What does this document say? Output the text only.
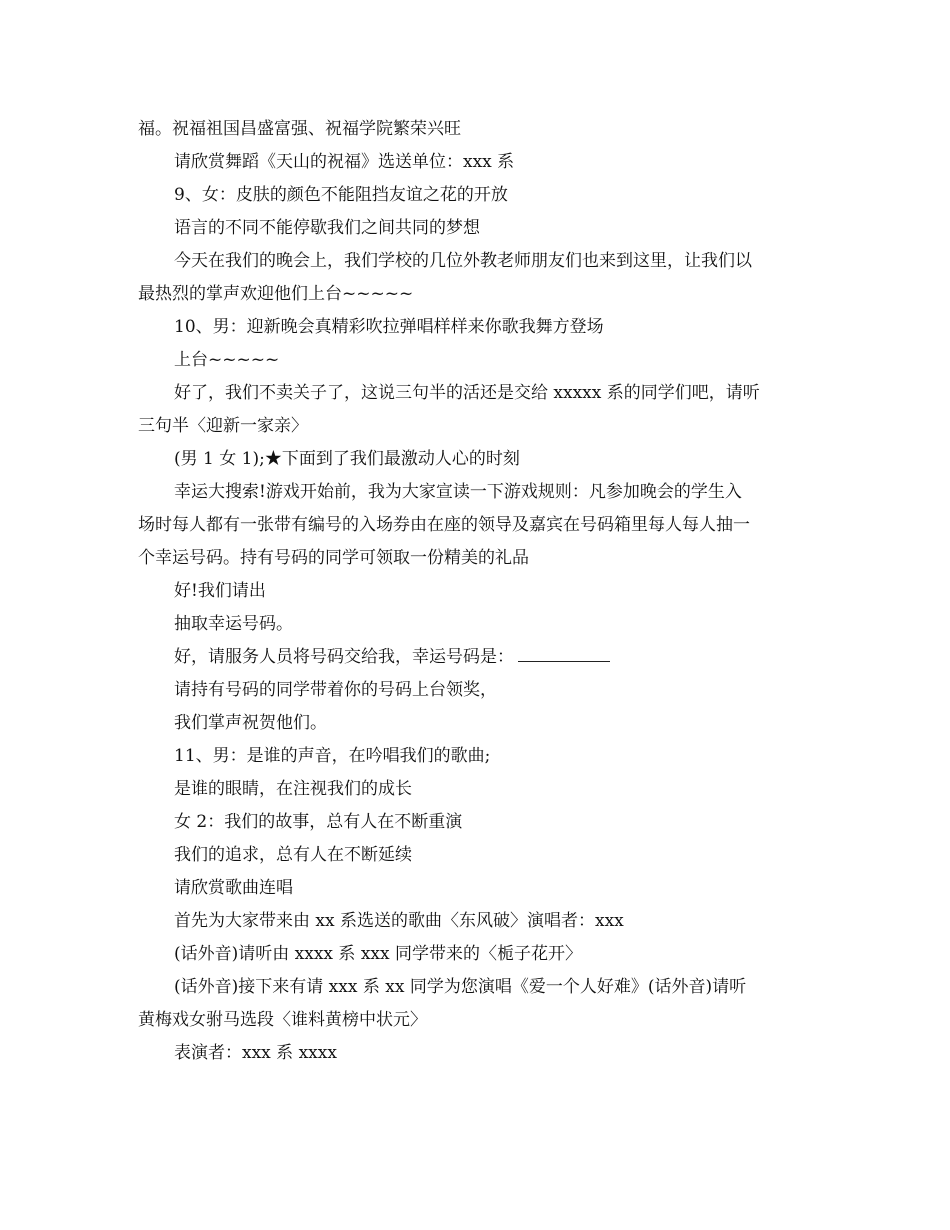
福。祝福祖国昌盛富强、祝福学院繁荣兴旺
请欣赏舞蹈《天山的祝福》选送单位：xxx 系
9、女：皮肤的颜色不能阻挡友谊之花的开放
语言的不同不能停歇我们之间共同的梦想
今天在我们的晚会上，我们学校的几位外教老师朋友们也来到这里，让我们以
最热烈的掌声欢迎他们上台~~~~~
10、男：迎新晚会真精彩吹拉弹唱样样来你歌我舞方登场
上台~~~~~
好了，我们不卖关子了，这说三句半的活还是交给 xxxxx 系的同学们吧，请听
三句半〈迎新一家亲〉
(男 1 女 1);★下面到了我们最激动人心的时刻
幸运大搜索!游戏开始前，我为大家宣读一下游戏规则：凡参加晚会的学生入
场时每人都有一张带有编号的入场券由在座的领导及嘉宾在号码箱里每人每人抽一
个幸运号码。持有号码的同学可领取一份精美的礼品
好!我们请出
抽取幸运号码。
好，请服务人员将号码交给我，幸运号码是：
请持有号码的同学带着你的号码上台领奖，
我们掌声祝贺他们。
11、男：是谁的声音，在吟唱我们的歌曲;
是谁的眼睛，在注视我们的成长
女 2：我们的故事，总有人在不断重演
我们的追求，总有人在不断延续
请欣赏歌曲连唱
首先为大家带来由 xx 系选送的歌曲〈东风破〉演唱者：xxx
(话外音)请听由 xxxx 系 xxx 同学带来的〈栀子花开〉
(话外音)接下来有请 xxx 系 xx 同学为您演唱《爱一个人好难》(话外音)请听
黄梅戏女驸马选段〈谁料黄榜中状元〉
表演者：xxx 系 xxxx
